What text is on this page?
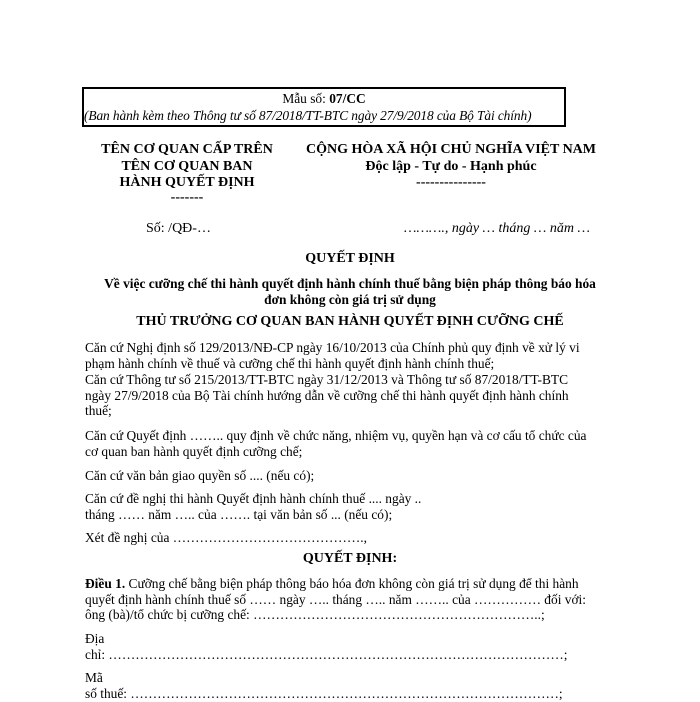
Mẫu số: 07/CC
(Ban hành kèm theo Thông tư số 87/2018/TT-BTC ngày 27/9/2018 của Bộ Tài chính)
TÊN CƠ QUAN CẤP TRÊN
TÊN CƠ QUAN BAN
HÀNH QUYẾT ĐỊNH
-------
CỘNG HÒA XÃ HỘI CHỦ NGHĨA VIỆT NAM
Độc lập - Tự do - Hạnh phúc
---------------
Số: /QĐ-…	………., ngày … tháng … năm …
QUYẾT ĐỊNH
Về việc cưỡng chế thi hành quyết định hành chính thuế bằng biện pháp thông báo hóa
đơn không còn giá trị sử dụng
THỦ TRƯỞNG CƠ QUAN BAN HÀNH QUYẾT ĐỊNH CƯỠNG CHẾ
Căn cứ Nghị định số 129/2013/NĐ-CP ngày 16/10/2013 của Chính phủ quy định về xử lý vi
phạm hành chính về thuế và cưỡng chế thi hành quyết định hành chính thuế;
Căn cứ Thông tư số 215/2013/TT-BTC ngày 31/12/2013 và Thông tư số 87/2018/TT-BTC
ngày 27/9/2018 của Bộ Tài chính hướng dẫn về cưỡng chế thi hành quyết định hành chính
thuế;
Căn cứ Quyết định …….. quy định về chức năng, nhiệm vụ, quyền hạn và cơ cấu tổ chức của
cơ quan ban hành quyết định cưỡng chế;
Căn cứ văn bản giao quyền số .... (nếu có);
Căn cứ đề nghị thi hành Quyết định hành chính thuế .... ngày ..
tháng …… năm ….. của ……. tại văn bản số ... (nếu có);
Xét đề nghị của …………………………………….,
QUYẾT ĐỊNH:
Điều 1. Cưỡng chế bằng biện pháp thông báo hóa đơn không còn giá trị sử dụng để thi hành
quyết định hành chính thuế số …… ngày ….. tháng ….. năm …….. của …………… đối với:
ông (bà)/tổ chức bị cưỡng chế: ………………………………………………………..;
Địa
chỉ: …………………………………………………………………………………………;
Mã
số thuế: ……………………………………………………………………………………;
